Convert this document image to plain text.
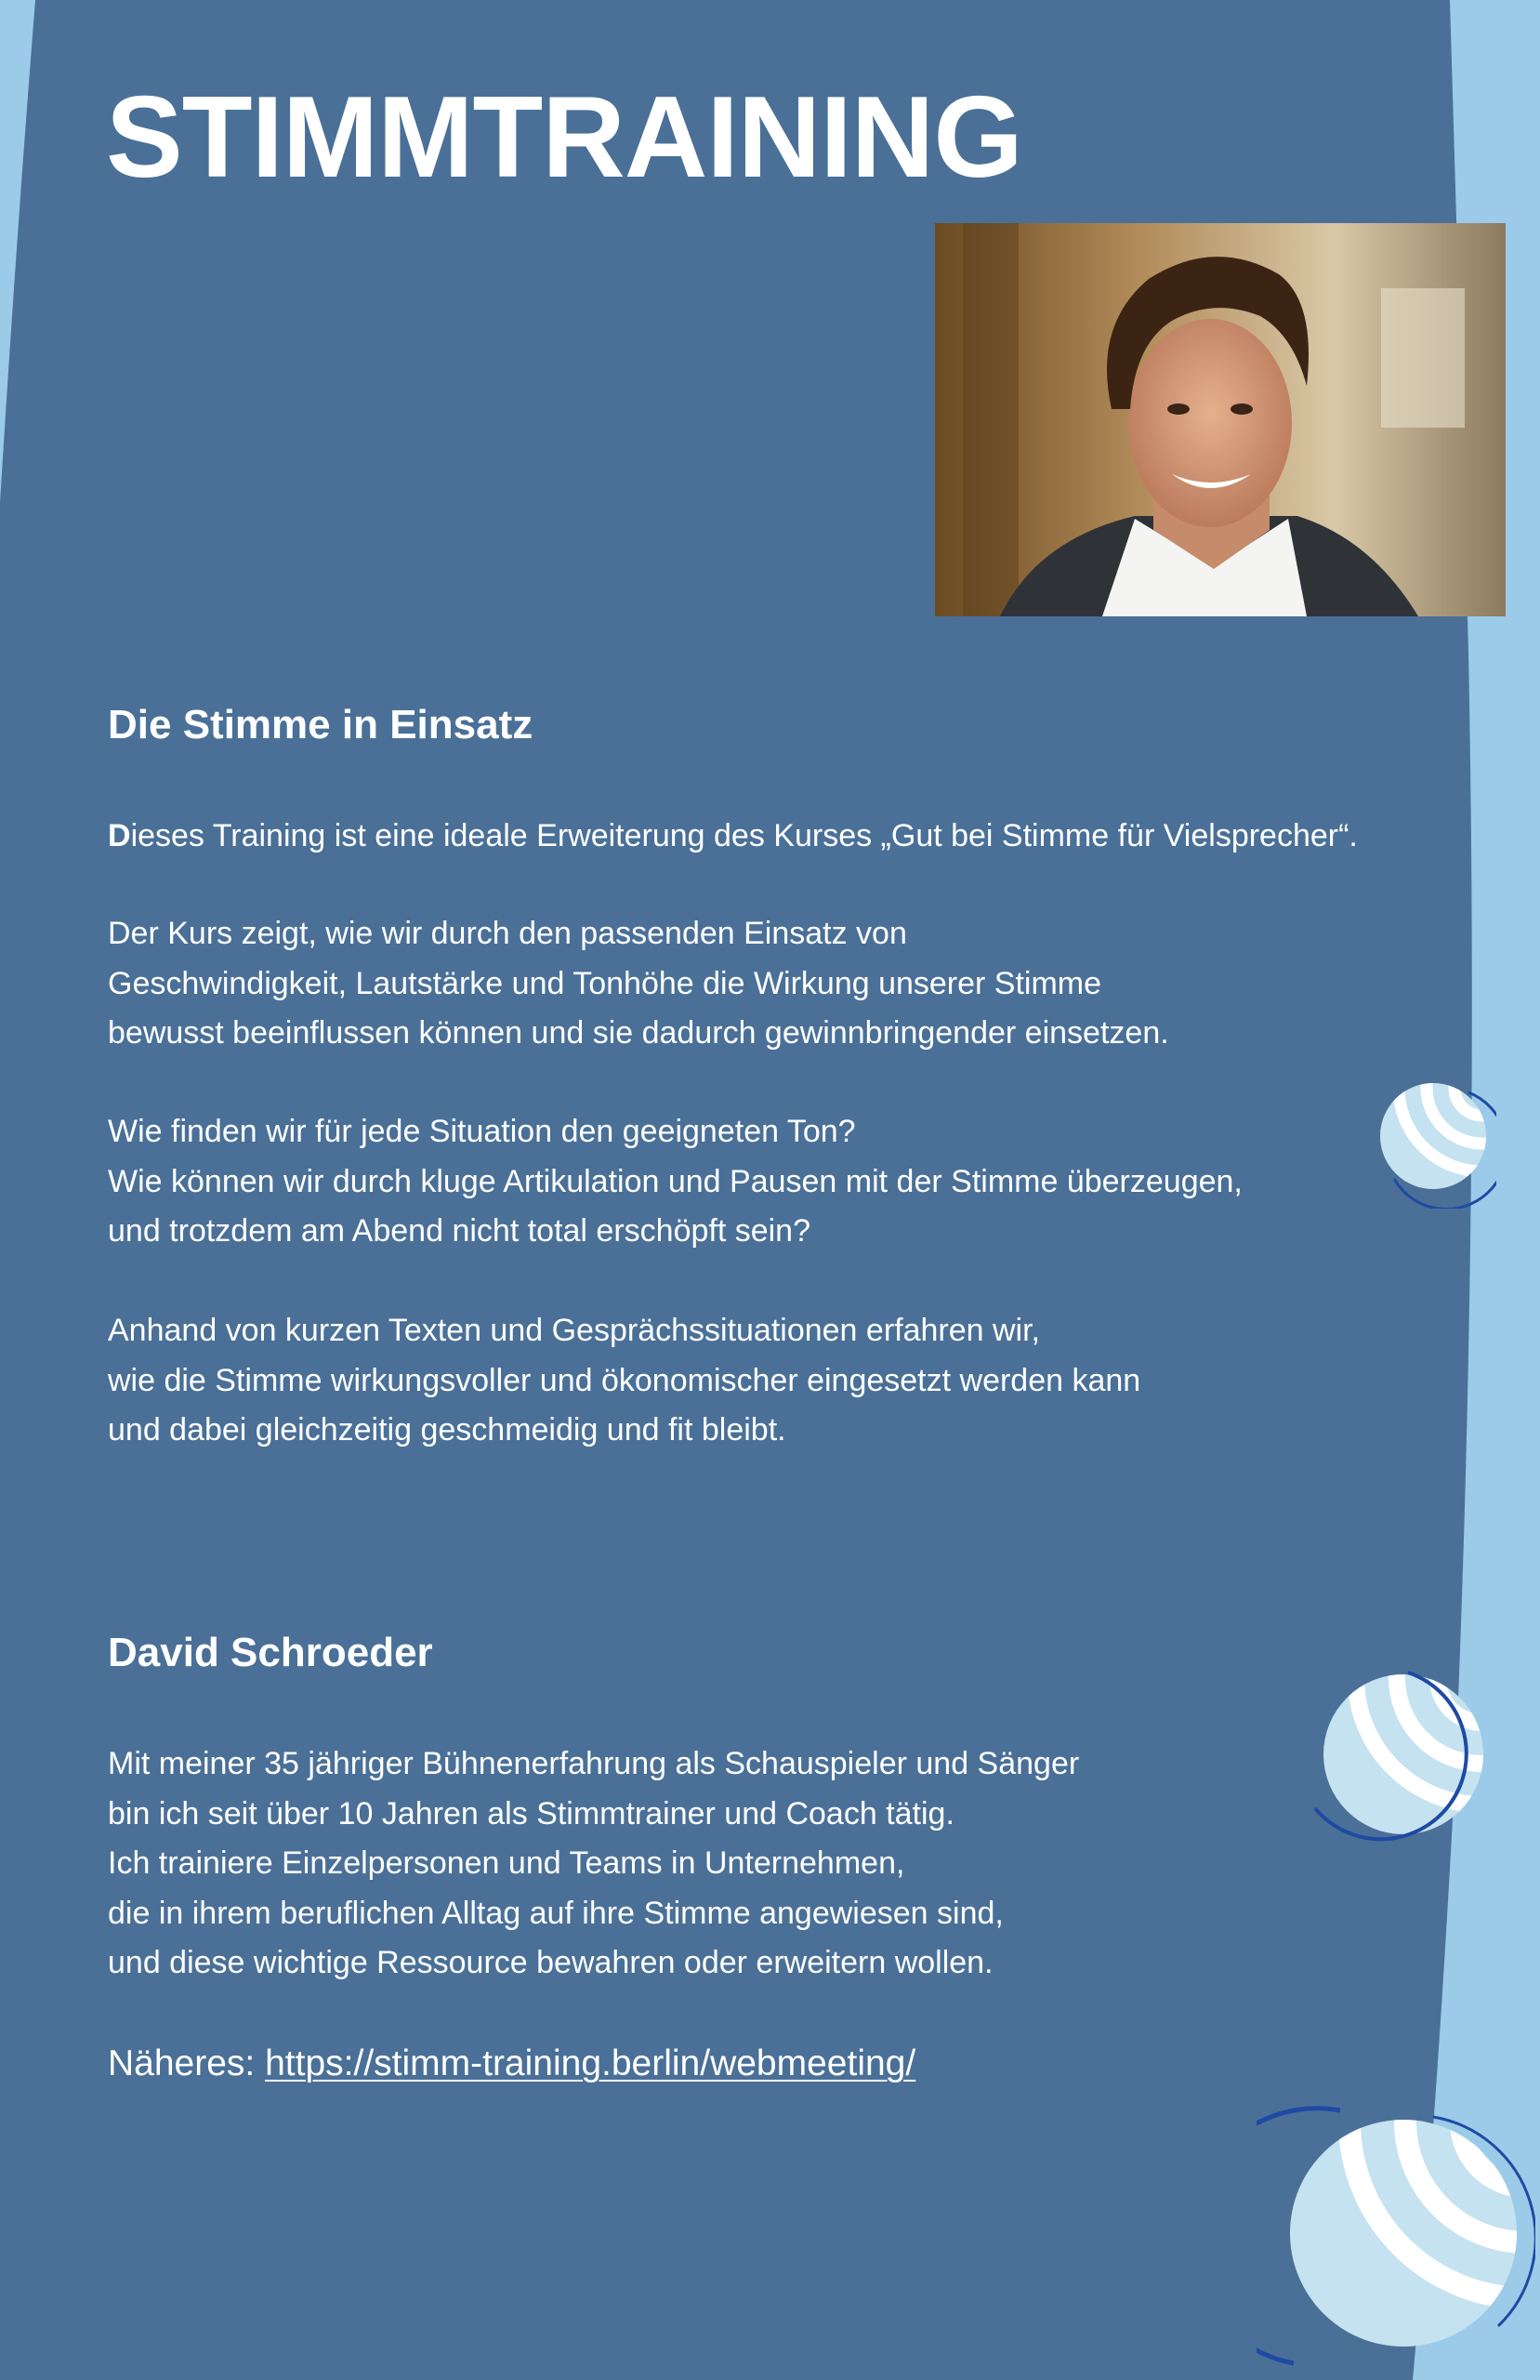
STIMMTRAINING
Die Stimme in Einsatz

Dieses Training ist eine ideale Erweiterung des Kurses „Gut bei Stimme für Vielsprecher“.

Der Kurs zeigt, wie wir durch den passenden Einsatz von
Geschwindigkeit, Lautstärke und Tonhöhe die Wirkung unserer Stimme
bewusst beeinflussen können und sie dadurch gewinnbringender einsetzen.

Wie finden wir für jede Situation den geeigneten Ton?
Wie können wir durch kluge Artikulation und Pausen mit der Stimme überzeugen,
und trotzdem am Abend nicht total erschöpft sein?

Anhand von kurzen Texten und Gesprächssituationen erfahren wir,
wie die Stimme wirkungsvoller und ökonomischer eingesetzt werden kann
und dabei gleichzeitig geschmeidig und fit bleibt.

David Schroeder

Mit meiner 35 jähriger Bühnenerfahrung als Schauspieler und Sänger
bin ich seit über 10 Jahren als Stimmtrainer und Coach tätig.
Ich trainiere Einzelpersonen und Teams in Unternehmen,
die in ihrem beruflichen Alltag auf ihre Stimme angewiesen sind,
und diese wichtige Ressource bewahren oder erweitern wollen.

Näheres: https://stimm-training.berlin/webmeeting/
